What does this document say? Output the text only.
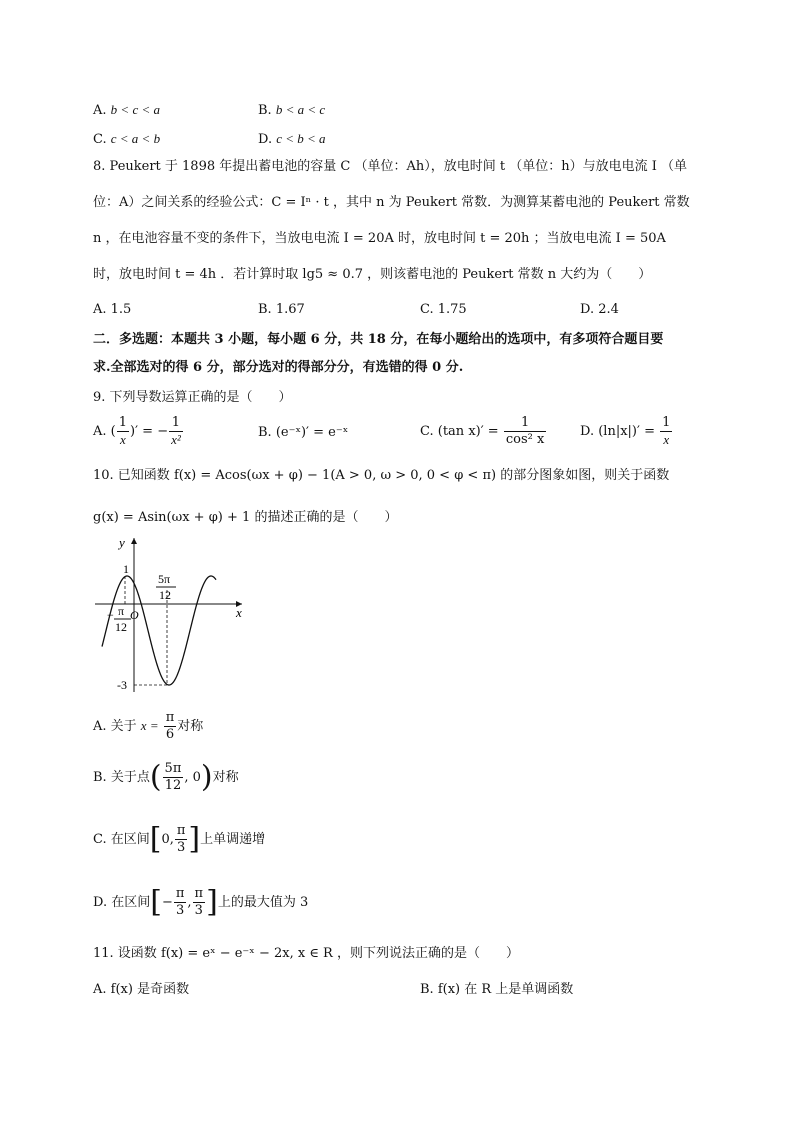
A. b < c < a	B. b < a < c
C. c < a < b	D. c < b < a
8. Peukert 于 1898 年提出蓄电池的容量 C （单位：Ah），放电时间 t （单位：h）与放电电流 I （单
位：A）之间关系的经验公式：C = Iⁿ · t ，其中 n 为 Peukert 常数．为测算某蓄电池的 Peukert 常数
n ，在电池容量不变的条件下，当放电电流 I = 20A 时，放电时间 t = 20h ；当放电电流 I = 50A
时，放电时间 t = 4h ．若计算时取 lg5 ≈ 0.7 ，则该蓄电池的 Peukert 常数 n 大约为（　　）
A. 1.5	B. 1.67	C. 1.75	D. 2.4
二．多选题：本题共 3 小题，每小题 6 分，共 18 分，在每小题给出的选项中，有多项符合题目要
求.全部选对的得 6 分，部分选对的得部分分，有选错的得 0 分.
9. 下列导数运算正确的是（　　）
A. ( $\frac{1}{x}$ )′ = − $\frac{1}{\text{x²}}$	B. (e⁻ˣ)′ = e⁻ˣ	C. (tan $x)' = \frac{1}{\text{cos² x}}$	D. $(\ln|x|)' = \frac{1}{x}$
10. 已知函数 f(x) = Acos(ωx + φ) − 1(A > 0, ω > 0, 0 < φ < π) 的部分图象如图，则关于函数
g(x) = Asin(ωx + φ) + 1 的描述正确的是（　　）
y
x
O
1
-3
5π
12
− π
12
A. 关于 $x = \frac{\pi}{6}$ 对称
B. 关于点( $\frac{5\pi}{12}$ , 0)对称
C. 在区间[0, $\frac{\pi}{3}$ ]上单调递增
D. 在区间[− $\frac{\pi}{3}$ , $\frac{\pi}{3}$ ]上的最大值为 3
11. 设函数 f(x) = eˣ − e⁻ˣ − 2x, x ∈ R ，则下列说法正确的是（　　）
A. f(x) 是奇函数	B. f(x) 在 R 上是单调函数
